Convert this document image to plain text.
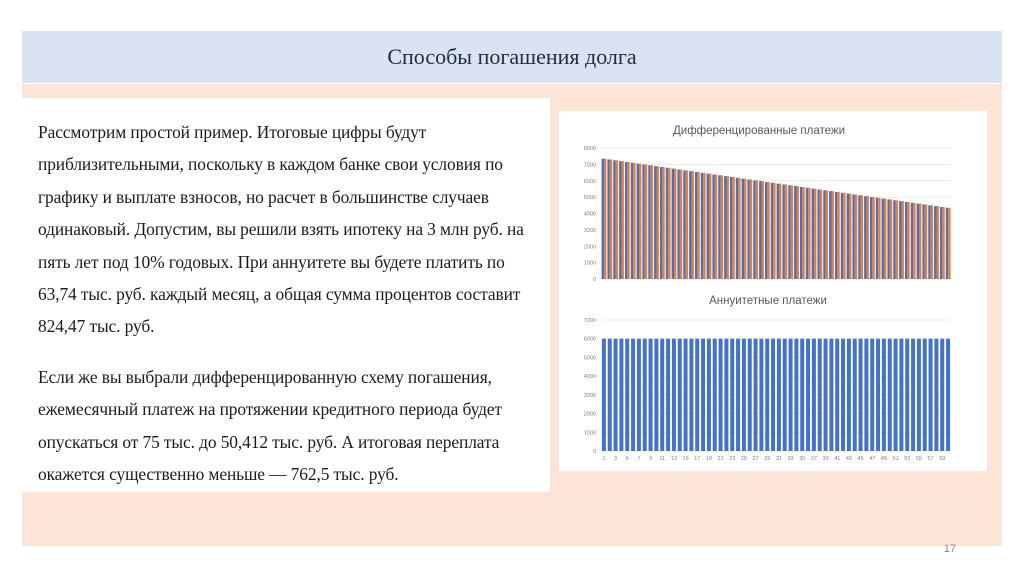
Способы погашения долга

Рассмотрим простой пример. Итоговые цифры будут приблизительными, поскольку в каждом банке свои условия по графику и выплате взносов, но расчет в большинстве случаев одинаковый. Допустим, вы решили взять ипотеку на 3 млн руб. на пять лет под 10% годовых. При аннуитете вы будете платить по 63,74 тыс. руб. каждый месяц, а общая сумма процентов составит 824,47 тыс. руб.

Если же вы выбрали дифференцированную схему погашения, ежемесячный платеж на протяжении кредитного периода будет опускаться от 75 тыс. до 50,412 тыс. руб. А итоговая переплата окажется существенно меньше — 762,5 тыс. руб.

Дифференцированные платежи
0
1000
2000
3000
4000
5000
6000
7000
8000
Аннуитетные платежи
0
1000
2000
3000
4000
5000
6000
7000
1 3 5 7 9 11 13 15 17 19 21 23 25 27 29 31 33 35 37 39 41 43 45 47 49 51 53 55 57 59
17
